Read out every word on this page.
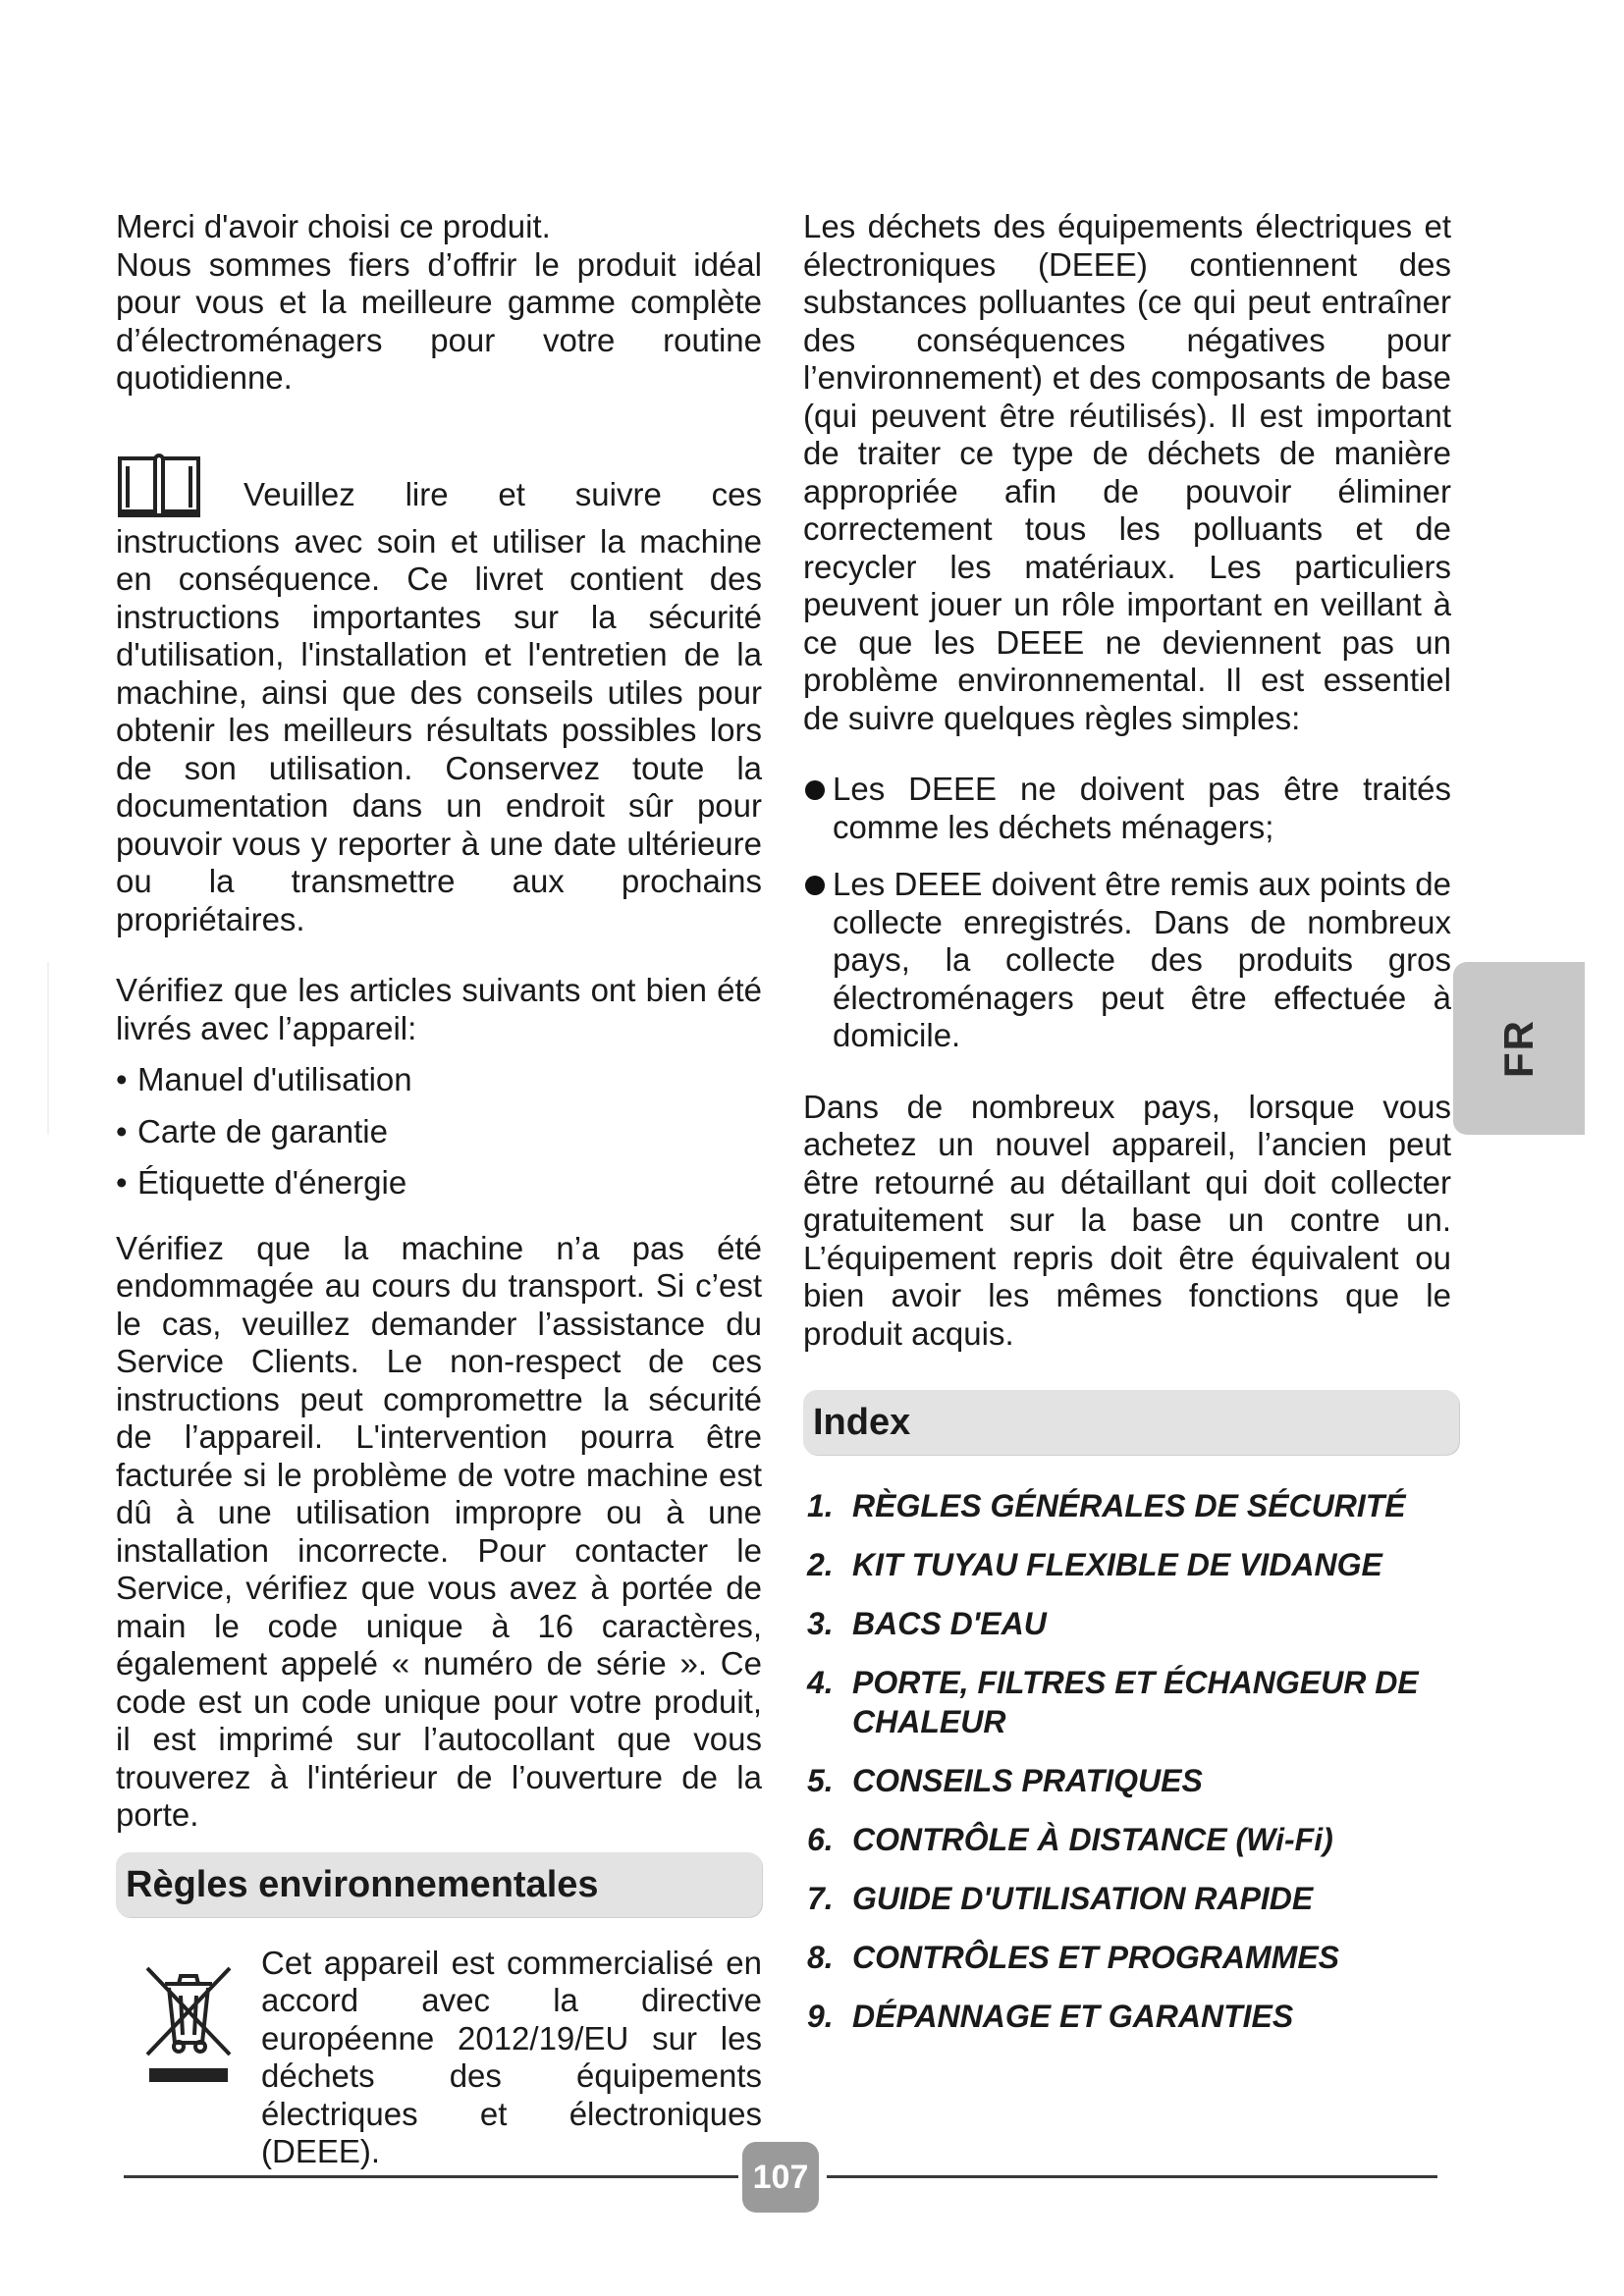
Merci d'avoir choisi ce produit.

Nous sommes fiers d’offrir le produit idéal pour vous et la meilleure gamme complète d’électroménagers pour votre routine quotidienne.

Veuillez lire et suivre ces instructions avec soin et utiliser la machine en conséquence. Ce livret contient des instructions importantes sur la sécurité d'utilisation, l'installation et l'entretien de la machine, ainsi que des conseils utiles pour obtenir les meilleurs résultats possibles lors de son utilisation. Conservez toute la documentation dans un endroit sûr pour pouvoir vous y reporter à une date ultérieure ou la transmettre aux prochains propriétaires.

Vérifiez que les articles suivants ont bien été livrés avec l’appareil:

• Manuel d'utilisation
• Carte de garantie
• Étiquette d'énergie

Vérifiez que la machine n’a pas été endommagée au cours du transport. Si c’est le cas, veuillez demander l’assistance du Service Clients. Le non-respect de ces instructions peut compromettre la sécurité de l’appareil. L'intervention pourra être facturée si le problème de votre machine est dû à une utilisation impropre ou à une installation incorrecte. Pour contacter le Service, vérifiez que vous avez à portée de main le code unique à 16 caractères, également appelé « numéro de série ». Ce code est un code unique pour votre produit, il est imprimé sur l’autocollant que vous trouverez à l'intérieur de l’ouverture de la porte.

Règles environnementales

Cet appareil est commercialisé en accord avec la directive européenne 2012/19/EU sur les déchets des équipements électriques et électroniques (DEEE).

Les déchets des équipements électriques et électroniques (DEEE) contiennent des substances polluantes (ce qui peut entraîner des conséquences négatives pour l’environnement) et des composants de base (qui peuvent être réutilisés). Il est important de traiter ce type de déchets de manière appropriée afin de pouvoir éliminer correctement tous les polluants et de recycler les matériaux. Les particuliers peuvent jouer un rôle important en veillant à ce que les DEEE ne deviennent pas un problème environnemental. Il est essentiel de suivre quelques règles simples:

Les DEEE ne doivent pas être traités comme les déchets ménagers;
Les DEEE doivent être remis aux points de collecte enregistrés. Dans de nombreux pays, la collecte des produits gros électroménagers peut être effectuée à domicile.

Dans de nombreux pays, lorsque vous achetez un nouvel appareil, l’ancien peut être retourné au détaillant qui doit collecter gratuitement sur la base un contre un. L’équipement repris doit être équivalent ou bien avoir les mêmes fonctions que le produit acquis.

Index
1. RÈGLES GÉNÉRALES DE SÉCURITÉ
2. KIT TUYAU FLEXIBLE DE VIDANGE
3. BACS D'EAU
4. PORTE, FILTRES ET ÉCHANGEUR DE CHALEUR
5. CONSEILS PRATIQUES
6. CONTRÔLE À DISTANCE (Wi-Fi)
7. GUIDE D'UTILISATION RAPIDE
8. CONTRÔLES ET PROGRAMMES
9. DÉPANNAGE ET GARANTIES
FR
107
